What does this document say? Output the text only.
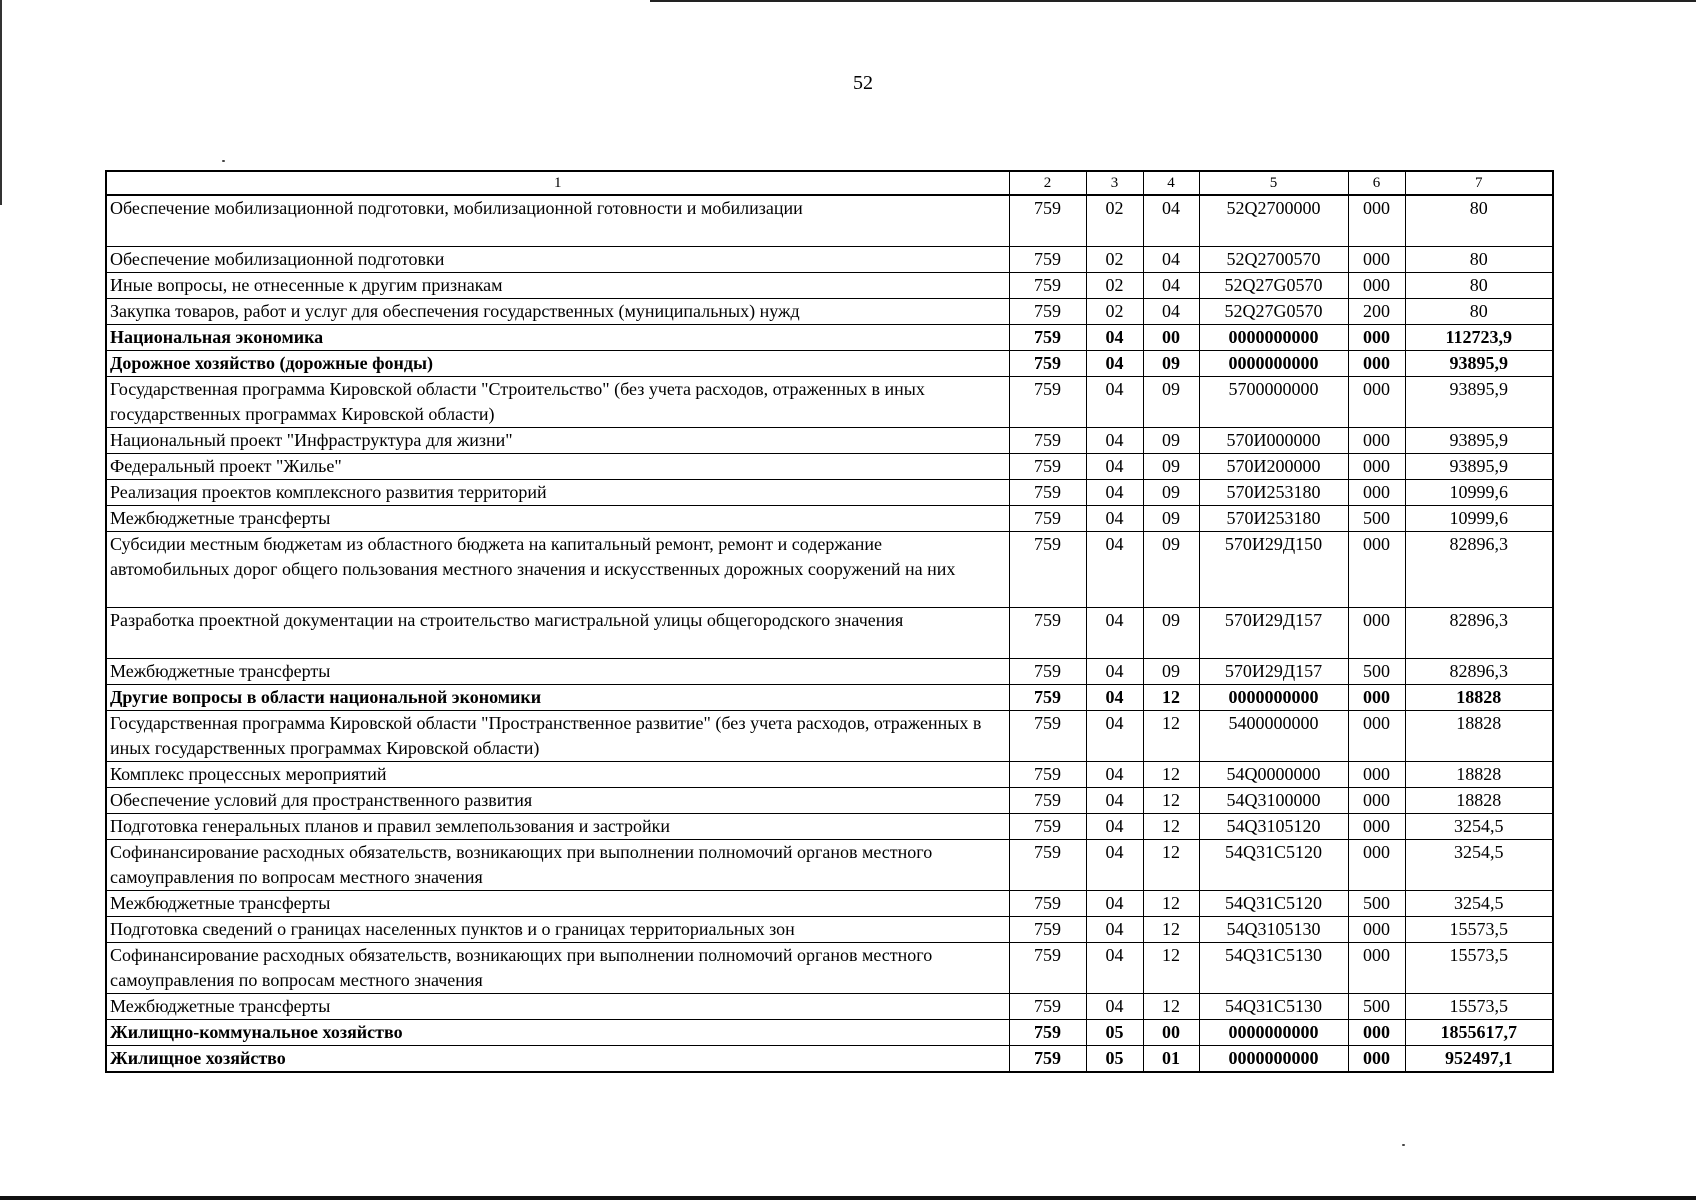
52
1	2	3	4	5	6	7
Обеспечение мобилизационной подготовки, мобилизационной готовности и мобилизации	759	02	04	52Q2700000	000	80
Обеспечение мобилизационной подготовки	759	02	04	52Q2700570	000	80
Иные вопросы, не отнесенные к другим признакам	759	02	04	52Q27G0570	000	80
Закупка товаров, работ и услуг для обеспечения государственных (муниципальных) нужд	759	02	04	52Q27G0570	200	80
Национальная экономика	759	04	00	0000000000	000	112723,9
Дорожное хозяйство (дорожные фонды)	759	04	09	0000000000	000	93895,9
Государственная программа Кировской области "Строительство" (без учета расходов, отраженных в иных государственных программах Кировской области)	759	04	09	5700000000	000	93895,9
Национальный проект "Инфраструктура для жизни"	759	04	09	570И000000	000	93895,9
Федеральный проект "Жилье"	759	04	09	570И200000	000	93895,9
Реализация проектов комплексного развития территорий	759	04	09	570И253180	000	10999,6
Межбюджетные трансферты	759	04	09	570И253180	500	10999,6
Субсидии местным бюджетам из областного бюджета на капитальный ремонт, ремонт и содержание автомобильных дорог общего пользования местного значения и искусственных дорожных сооружений на них	759	04	09	570И29Д150	000	82896,3
Разработка проектной документации на строительство магистральной улицы общегородского значения	759	04	09	570И29Д157	000	82896,3
Межбюджетные трансферты	759	04	09	570И29Д157	500	82896,3
Другие вопросы в области национальной экономики	759	04	12	0000000000	000	18828
Государственная программа Кировской области "Пространственное развитие" (без учета расходов, отраженных в иных государственных программах Кировской области)	759	04	12	5400000000	000	18828
Комплекс процессных мероприятий	759	04	12	54Q0000000	000	18828
Обеспечение условий для пространственного развития	759	04	12	54Q3100000	000	18828
Подготовка генеральных планов и правил землепользования и застройки	759	04	12	54Q3105120	000	3254,5
Софинансирование расходных обязательств, возникающих при выполнении полномочий органов местного самоуправления по вопросам местного значения	759	04	12	54Q31C5120	000	3254,5
Межбюджетные трансферты	759	04	12	54Q31C5120	500	3254,5
Подготовка сведений о границах населенных пунктов и о границах территориальных зон	759	04	12	54Q3105130	000	15573,5
Софинансирование расходных обязательств, возникающих при выполнении полномочий органов местного самоуправления по вопросам местного значения	759	04	12	54Q31C5130	000	15573,5
Межбюджетные трансферты	759	04	12	54Q31C5130	500	15573,5
Жилищно-коммунальное хозяйство	759	05	00	0000000000	000	1855617,7
Жилищное хозяйство	759	05	01	0000000000	000	952497,1
